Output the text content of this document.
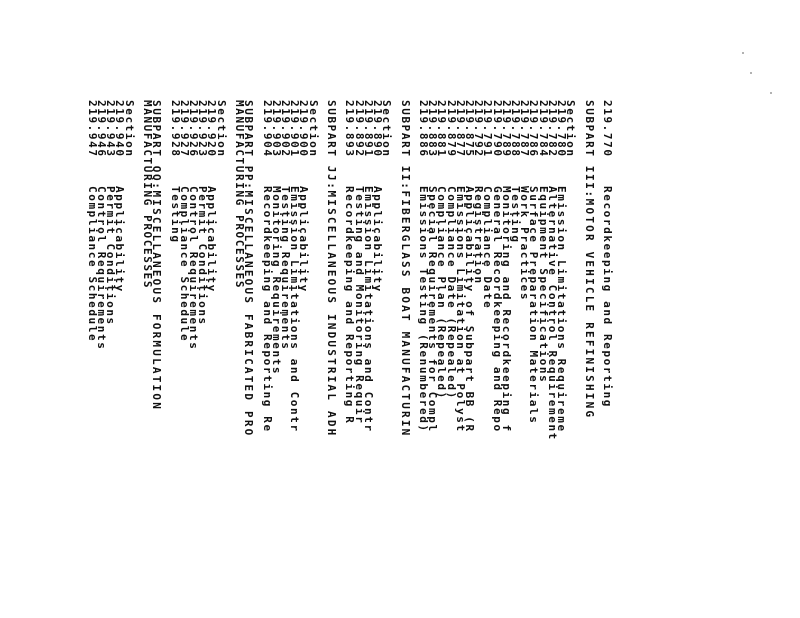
219.770Recordkeeping and Reporting
SUBPART III:MOTOR VEHICLE REFINISHING
Section
219.780Emission Limitations Requireme
219.782Alternative Control Requirement
219.784Equipment Specifications
219.786Surface Preparation Materials
219.787Work Practices
219.788Testing
219.789Monitoring and Recordkeeping f
219.790General Recordkeeping and Repo
219.791Compliance Date
219.792Registration
219.875Applicability of Subpart BB (R
219.877Emissions Limitation at Polyst
219.879Compliance Date (Repealed)
219.881Compliance Plan (Repealed)
219.883Special Requirements for Compl
219.886Emissions Testing (Renumbered)
SUBPART II:FIBERGLASS BOAT MANUFACTURIN
Section
219.890Applicability
219.891Emission Limitations and Contr
219.892Testing and Monitoring Requir
219.893Recordkeeping and Reporting R
SUBPART JJ:MISCELLANEOUS INDUSTRIAL ADH
Section
219.900Applicability
219.901Emission Limitations and Contr
219.902Testing Requirements
219.903Monitoring Requirements
219.904Recordkeeping and Reporting Re
SUBPART PP:MISCELLANEOUS FABRICATED PRO
MANUFACTURING PROCESSES
Section
219.920Applicability
219.923Permit Conditions
219.926Control Requirements
219.927Compliance Schedule
219.928Testing
SUBPART QQ:MISCELLANEOUS FORMULATION
MANUFACTURING PROCESSES
Section
219.940Applicability
219.943Permit Conditions
219.946Control Requirements
219.947Compliance Schedule
